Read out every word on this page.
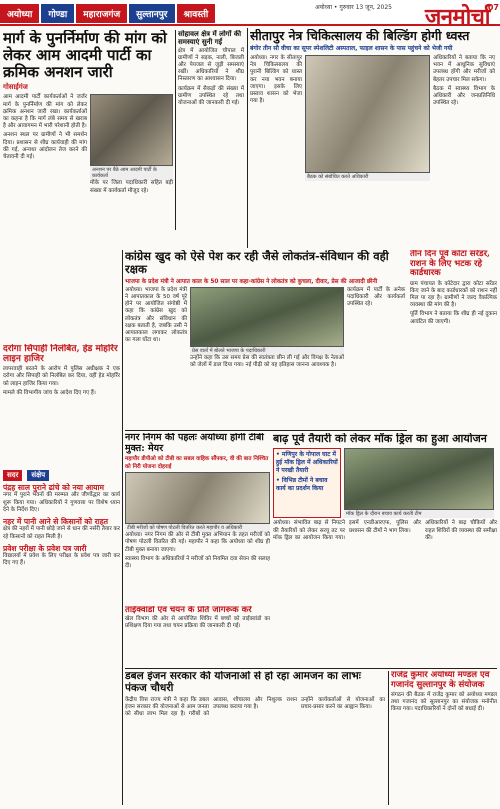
अयोध्या	गोण्डा	महाराजगंज	सुल्तानपुर	श्रावस्ती
अयोध्या • गुरुवार 13 जून, 2025 जनमोर्चा
07
मार्ग के पुनर्निर्माण की मांग को लेकर आम आदमी पार्टी का क्रमिक अनशन जारी
गोसाईगंज

आम आदमी पार्टी कार्यकर्ताओं ने जर्जर मार्ग के पुनर्निर्माण की मांग को लेकर क्रमिक अनशन जारी रखा। कार्यकर्ताओं का कहना है कि मार्ग लंबे समय से खराब है और आवागमन में भारी परेशानी होती है।

अनशन स्थल पर ग्रामीणों ने भी समर्थन दिया। प्रशासन से शीघ्र कार्यवाही की मांग की गई, अन्यथा आंदोलन तेज करने की चेतावनी दी गई।

अनशन पर बैठे आम आदमी पार्टी के कार्यकर्ता

मौके पर जिला पदाधिकारी सहित बड़ी संख्या में कार्यकर्ता मौजूद रहे।

सोहावल क्षेत्र में लोगों की समस्याएं सुनी गईं

क्षेत्र में आयोजित चौपाल में ग्रामीणों ने सड़क, नाली, बिजली और पेयजल से जुड़ी समस्याएं रखीं। अधिकारियों ने शीघ्र निस्तारण का आश्वासन दिया।

कार्यक्रम में सैकड़ों की संख्या में ग्रामीण उपस्थित रहे तथा योजनाओं की जानकारी दी गई।

सीतापुर नेत्र चिकित्सालय की बिल्डिंग होगी ध्वस्त
बंगोर तीन सौ वीचा का सूपर स्पेशलिटी अस्पताल, फाइल शासन के पास पहुंचने को भेजी गयी

अयोध्या। नगर के सीतापुर नेत्र चिकित्सालय की पुरानी बिल्डिंग को ध्वस्त कर नया भवन बनाया जाएगा। इसके लिए प्रस्ताव शासन को भेजा गया है।

बैठक को संबोधित करते अधिकारी

अधिकारियों ने बताया कि नए भवन में आधुनिक सुविधाएं उपलब्ध होंगी और मरीजों को बेहतर उपचार मिल सकेगा।

बैठक में स्वास्थ्य विभाग के अधिकारी और जनप्रतिनिधि उपस्थित रहे।

तीन दिन पूर्व कोटा सरेंडर, राशन के लिए भटक रहे कार्डधारक

ग्राम पंचायत के कोटेदार द्वारा कोटा सरेंडर किए जाने के बाद कार्डधारकों को राशन नहीं मिल पा रहा है। ग्रामीणों ने जल्द वैकल्पिक व्यवस्था की मांग की है।

पूर्ति विभाग ने बताया कि शीघ्र ही नई दुकान आवंटित की जाएगी।

दरोगा सिपाही निलंबित, हेड मोहर्रिर लाइन हाजिर

लापरवाही बरतने के आरोप में पुलिस अधीक्षक ने एक दरोगा और सिपाही को निलंबित कर दिया, वहीं हेड मोहर्रिर को लाइन हाजिर किया गया।

मामले की विभागीय जांच के आदेश दिए गए हैं।

कांग्रेस खुद को ऐसे पेश कर रही जैसे लोकतंत्र-संविधान की वही रक्षक
भाजपा के प्रदेश मंत्री ने आपात काल के 50 साल पर कहा-कांग्रेस ने लोकतंत्र को कुचला, दीवार, प्रेस की आजादी छीनी

अयोध्या। भाजपा के प्रदेश मंत्री ने आपातकाल के 50 वर्ष पूरे होने पर आयोजित संगोष्ठी में कहा कि कांग्रेस खुद को लोकतंत्र और संविधान की रक्षक बताती है, जबकि उसी ने आपातकाल लगाकर लोकतंत्र का गला घोंटा था।

प्रेस वार्ता में बोलते भाजपा के पदाधिकारी

उन्होंने कहा कि उस समय प्रेस की स्वतंत्रता छीन ली गई और विपक्ष के नेताओं को जेलों में डाल दिया गया। नई पीढ़ी को यह इतिहास जानना आवश्यक है।

कार्यक्रम में पार्टी के अनेक पदाधिकारी और कार्यकर्ता उपस्थित रहे।

सदर संक्षेप
पंद्रह साल पुराने ढांचे को नया आयाम
नगर में पुराने भवनों की मरम्मत और जीर्णोद्धार का कार्य शुरू किया गया। अधिकारियों ने गुणवत्ता पर विशेष ध्यान देने के निर्देश दिए।
नहर में पानी आने से किसानों को राहत
क्षेत्र की नहरों में पानी छोड़े जाने से धान की नर्सरी तैयार कर रहे किसानों को राहत मिली है।
प्रवेश परीक्षा के प्रवेश पत्र जारी
विद्यालयों में प्रवेश के लिए परीक्षा के प्रवेश पत्र जारी कर दिए गए हैं।
नगर निगम की पहलः अयोध्या होगी टीबी मुक्त: मेयर
महापौर डीपीओ को टीबी का सबल वाहिक सौंपकर, वी की बात निश्चित को निरी योजना दोहराई
टीबी मरीजों को पोषण पोटली वितरित करते महापौर व अधिकारी

अयोध्या। नगर निगम की ओर से टीबी मुक्त अभियान के तहत मरीजों को पोषण पोटली वितरित की गई। महापौर ने कहा कि अयोध्या को शीघ्र ही टीबी मुक्त बनाया जाएगा।

स्वास्थ्य विभाग के अधिकारियों ने मरीजों को नियमित दवा सेवन की सलाह दी।

बाढ़ पूर्व तैयारी को लेकर मॉक ड्रिल का हुआ आयोजन
• मणिपुर के गोपाल घाट में हुई मॉक ड्रिल में अधिकारियों ने परखी तैयारी
• विभिन्न टीमों ने बचाव कार्य का प्रदर्शन किया
मॉक ड्रिल के दौरान बचाव कार्य करती टीम

अयोध्या। संभावित बाढ़ से निपटने की तैयारियों को लेकर सरयू तट पर मॉक ड्रिल का आयोजन किया गया। इसमें एनडीआरएफ, पुलिस और प्रशासन की टीमों ने भाग लिया।

अधिकारियों ने बाढ़ चौकियों और राहत शिविरों की व्यवस्था की समीक्षा की।

ताईक्वांडो एवं चयन के प्रति जागरूक करें
खेल विभाग की ओर से आयोजित शिविर में बच्चों को ताईक्वांडो का प्रशिक्षण दिया गया तथा चयन प्रक्रिया की जानकारी दी गई।
डबल इंजन सरकार की योजनाओं से हो रहा आमजन का लाभः पंकज चौधरी

केंद्रीय वित्त राज्य मंत्री ने कहा कि डबल इंजन सरकार की योजनाओं से आम जनता को सीधा लाभ मिल रहा है। गरीबों को आवास, शौचालय और निशुल्क राशन उपलब्ध कराया गया है।

उन्होंने कार्यकर्ताओं से योजनाओं का प्रचार-प्रसार करने का आह्वान किया।

राजेंद्र कुमार अयोध्या मण्डल एवं गजानंद सुल्तानपुर के संयोजक
संगठन की बैठक में राजेंद्र कुमार को अयोध्या मण्डल तथा गजानंद को सुल्तानपुर का संयोजक मनोनीत किया गया। पदाधिकारियों ने दोनों को बधाई दी।
